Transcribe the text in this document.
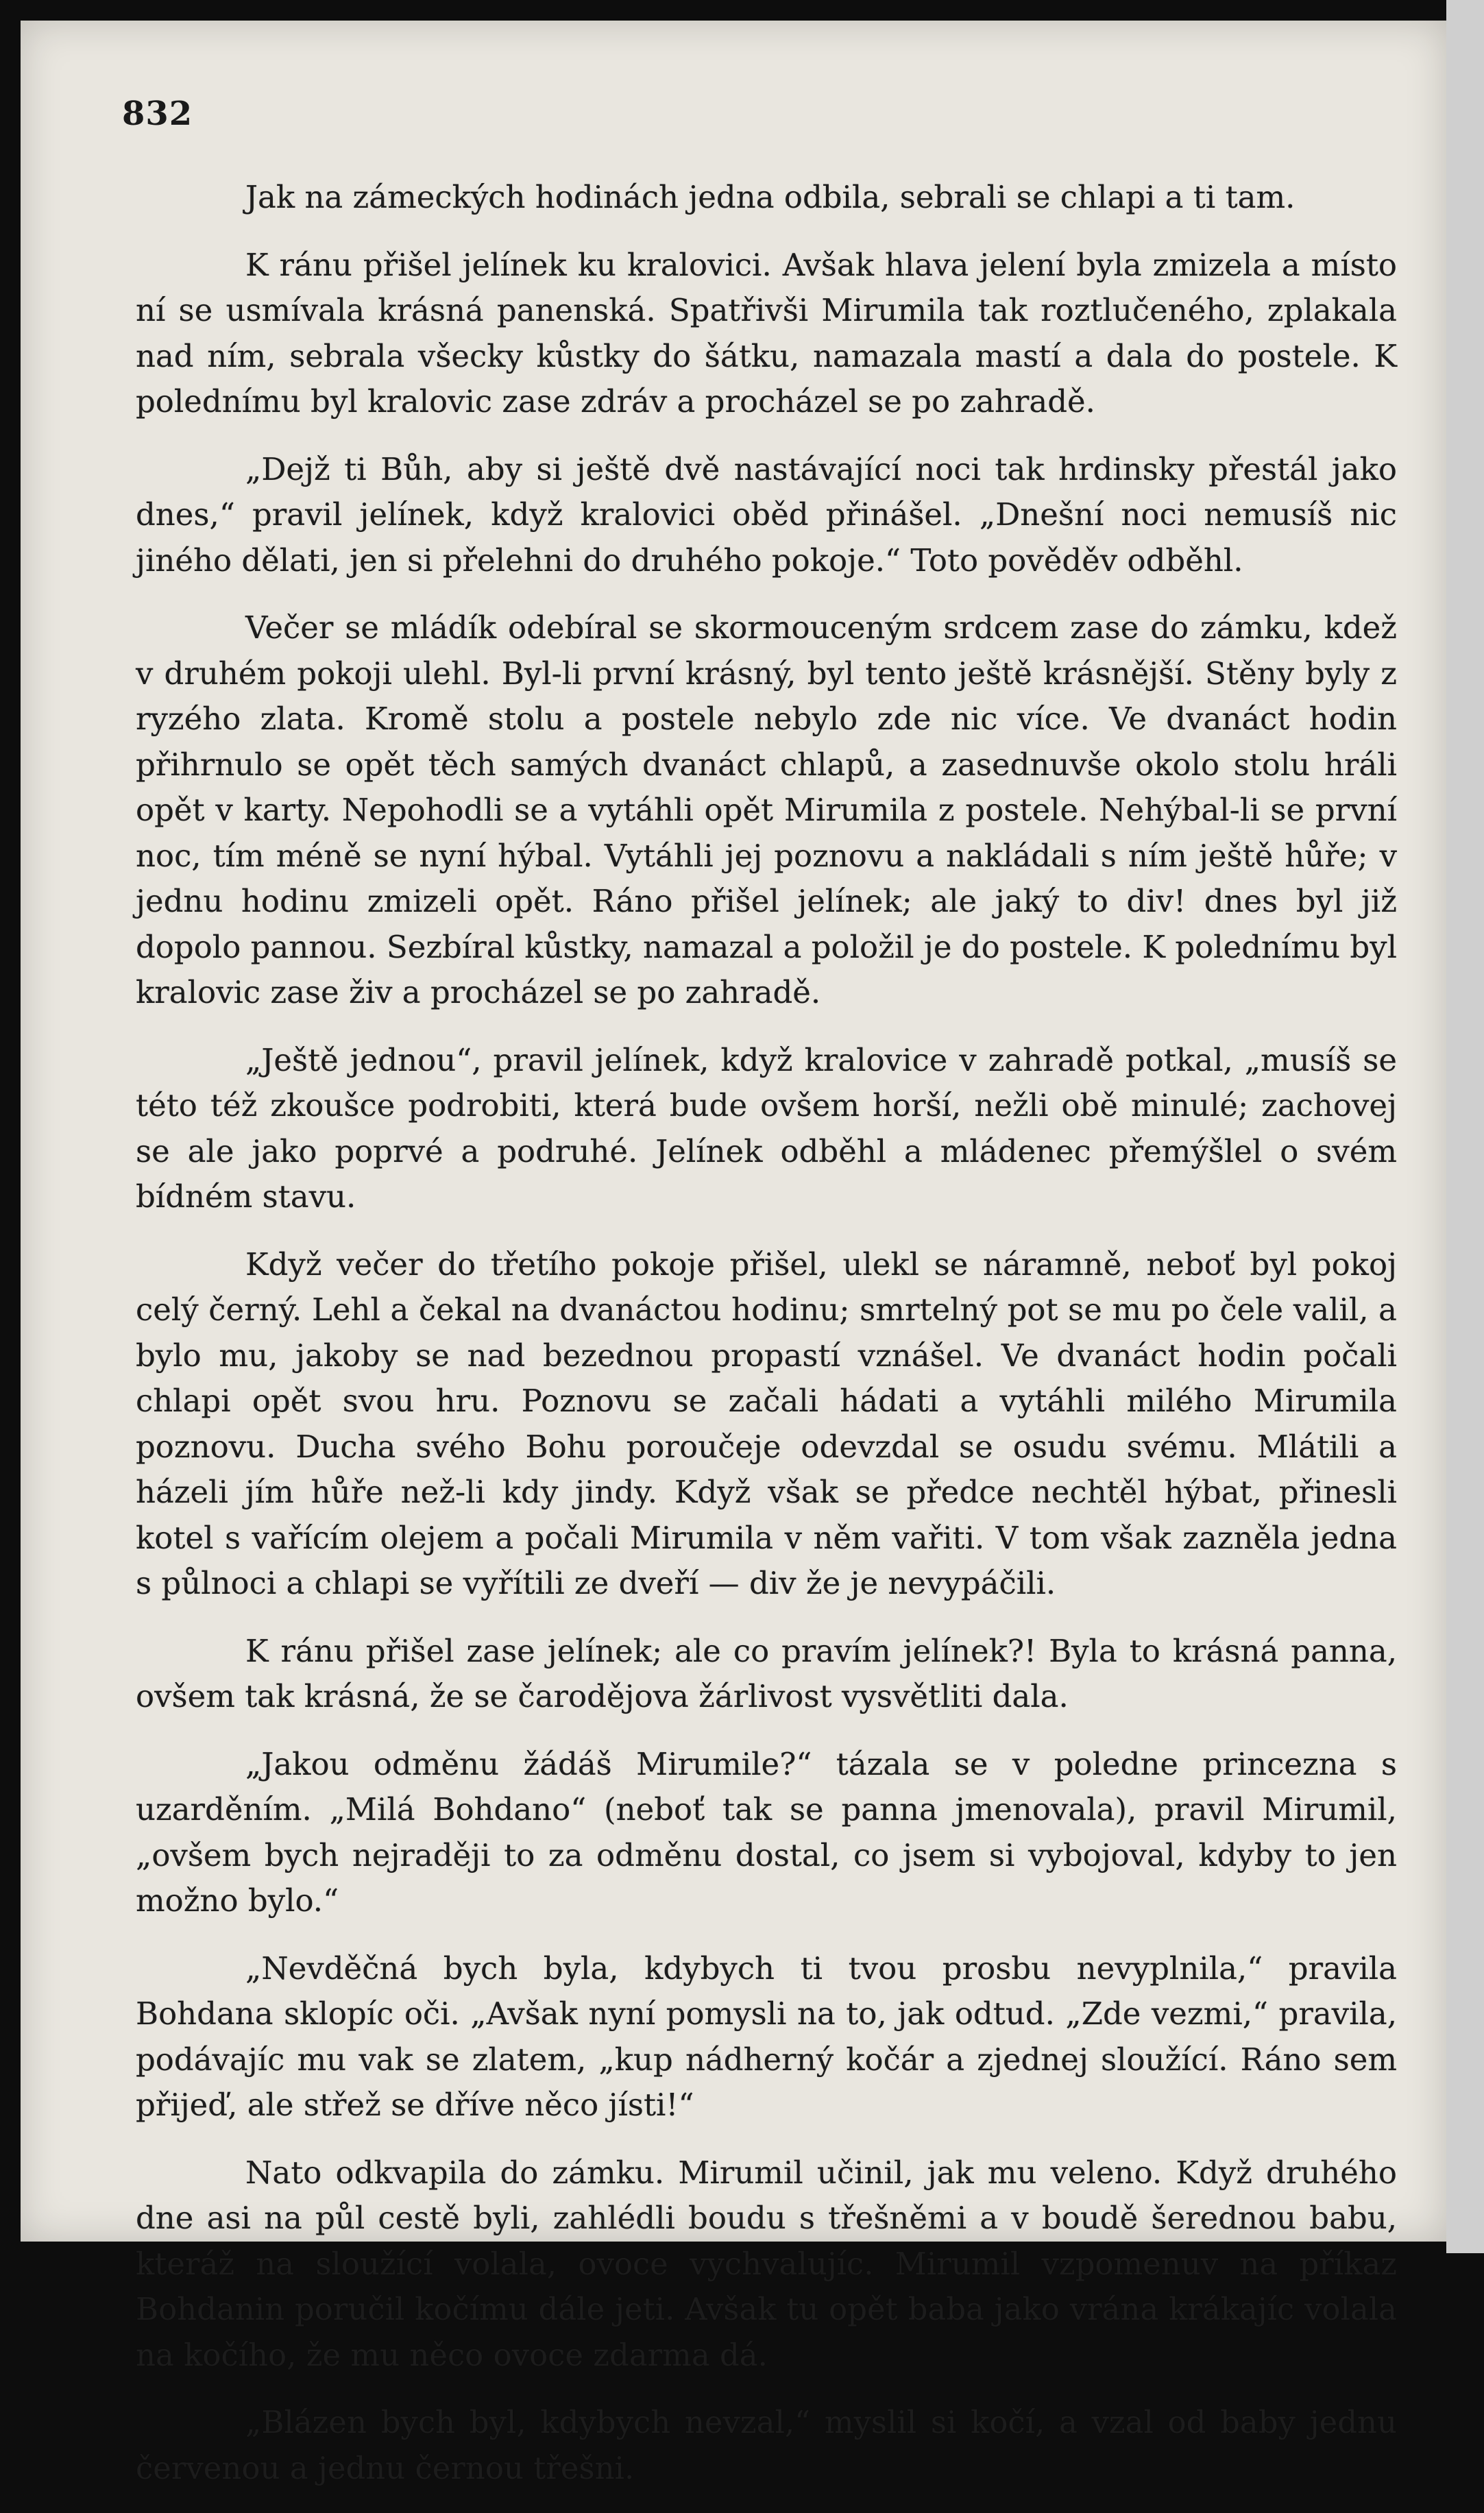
832

Jak na zámeckých hodinách jedna odbila, sebrali se chlapi a ti tam.

K ránu přišel jelínek ku kralovici. Avšak hlava jelení byla zmizela a místo ní se usmívala krásná panenská. Spatřivši Mirumila tak roztlučeného, zplakala nad ním, sebrala všecky kůstky do šátku, namazala mastí a dala do postele. K polednímu byl kralovic zase zdráv a procházel se po zahradě.

„Dejž ti Bůh, aby si ještě dvě nastávající noci tak hrdinsky přestál jako dnes,“ pravil jelínek, když kralovici oběd přinášel. „Dnešní noci nemusíš nic jiného dělati, jen si přelehni do druhého pokoje.“ Toto pověděv odběhl.

Večer se mládík odebíral se skormouceným srdcem zase do zámku, kdež v druhém pokoji ulehl. Byl-li první krásný, byl tento ještě krásnější. Stěny byly z ryzého zlata. Kromě stolu a postele nebylo zde nic více. Ve dvanáct hodin přihrnulo se opět těch samých dvanáct chlapů, a zasednuvše okolo stolu hráli opět v karty. Nepohodli se a vytáhli opět Mirumila z postele. Nehýbal-li se první noc, tím méně se nyní hýbal. Vytáhli jej poznovu a nakládali s ním ještě hůře; v jednu hodinu zmizeli opět. Ráno přišel jelínek; ale jaký to div! dnes byl již dopolo pannou. Sezbíral kůstky, namazal a položil je do postele. K polednímu byl kralovic zase živ a procházel se po zahradě.

„Ještě jednou“, pravil jelínek, když kralovice v zahradě potkal, „musíš se této též zkoušce podrobiti, která bude ovšem horší, nežli obě minulé; zachovej se ale jako poprvé a podruhé. Jelínek odběhl a mládenec přemýšlel o svém bídném stavu.

Když večer do třetího pokoje přišel, ulekl se náramně, neboť byl pokoj celý černý. Lehl a čekal na dvanáctou hodinu; smrtelný pot se mu po čele valil, a bylo mu, jakoby se nad bezednou propastí vznášel. Ve dvanáct hodin počali chlapi opět svou hru. Poznovu se začali hádati a vytáhli milého Mirumila poznovu. Ducha svého Bohu poroučeje odevzdal se osudu svému. Mlátili a házeli jím hůře než-li kdy jindy. Když však se předce nechtěl hýbat, přinesli kotel s vařícím olejem a počali Mirumila v něm vařiti. V tom však zazněla jedna s půlnoci a chlapi se vyřítili ze dveří — div že je nevypáčili.

K ránu přišel zase jelínek; ale co pravím jelínek?! Byla to krásná panna, ovšem tak krásná, že se čarodějova žárlivost vysvětliti dala.

„Jakou odměnu žádáš Mirumile?“ tázala se v poledne princezna s uzarděním. „Milá Bohdano“ (neboť tak se panna jmenovala), pravil Mirumil, „ovšem bych nejraději to za odměnu dostal, co jsem si vybojoval, kdyby to jen možno bylo.“

„Nevděčná bych byla, kdybych ti tvou prosbu nevyplnila,“ pravila Bohdana sklopíc oči. „Avšak nyní pomysli na to, jak odtud. „Zde vezmi,“ pravila, podávajíc mu vak se zlatem, „kup nádherný kočár a zjednej sloužící. Ráno sem přijeď, ale střež se dříve něco jísti!“

Nato odkvapila do zámku. Mirumil učinil, jak mu veleno. Když druhého dne asi na půl cestě byli, zahlédli boudu s třešněmi a v boudě šerednou babu, kteráž na sloužící volala, ovoce vychvalujíc. Mirumil vzpomenuv na příkaz Bohdanin poručil kočímu dále jeti. Avšak tu opět baba jako vrána krákajíc volala na kočího, že mu něco ovoce zdarma dá.

„Blázen bych byl, kdybych nevzal,“ myslil si kočí, a vzal od baby jednu červenou a jednu černou třešni.
